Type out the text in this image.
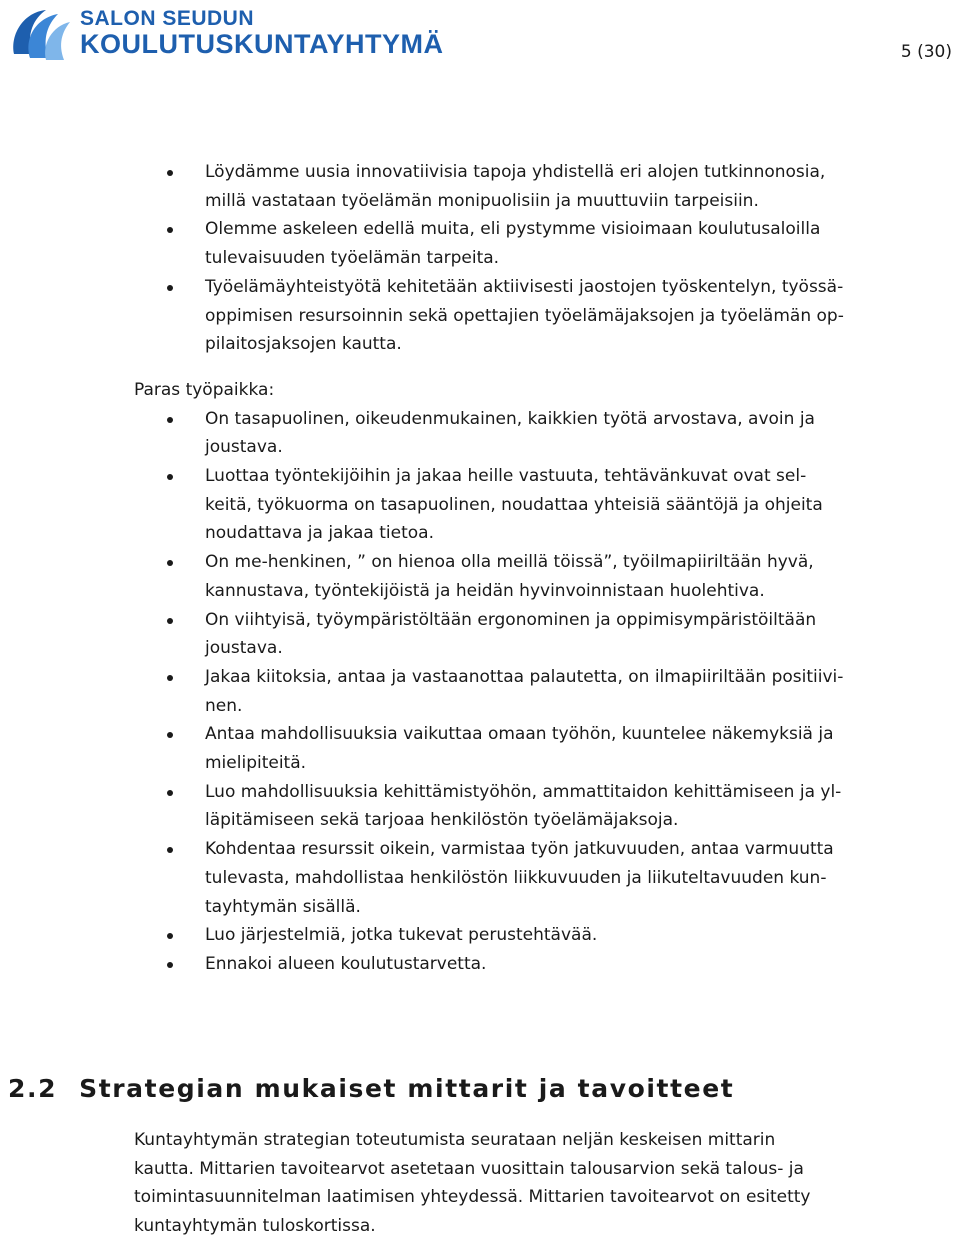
SALON SEUDUN
KOULUTUSKUNTAYHTYMÄ	5 (30)
Löydämme uusia innovatiivisia tapoja yhdistellä eri alojen tutkinnonosia,
millä vastataan työelämän monipuolisiin ja muuttuviin tarpeisiin.
Olemme askeleen edellä muita, eli pystymme visioimaan koulutusaloilla
tulevaisuuden työelämän tarpeita.
Työelämäyhteistyötä kehitetään aktiivisesti jaostojen työskentelyn, työssä-
oppimisen resursoinnin sekä opettajien työelämäjaksojen ja työelämän op-
pilaitosjaksojen kautta.
Paras työpaikka:
On tasapuolinen, oikeudenmukainen, kaikkien työtä arvostava, avoin ja
joustava.
Luottaa työntekijöihin ja jakaa heille vastuuta, tehtävänkuvat ovat sel-
keitä, työkuorma on tasapuolinen, noudattaa yhteisiä sääntöjä ja ohjeita
noudattava ja jakaa tietoa.
On me-henkinen, ” on hienoa olla meillä töissä”, työilmapiiriltään hyvä,
kannustava, työntekijöistä ja heidän hyvinvoinnistaan huolehtiva.
On viihtyisä, työympäristöltään ergonominen ja oppimisympäristöiltään
joustava.
Jakaa kiitoksia, antaa ja vastaanottaa palautetta, on ilmapiiriltään positiivi-
nen.
Antaa mahdollisuuksia vaikuttaa omaan työhön, kuuntelee näkemyksiä ja
mielipiteitä.
Luo mahdollisuuksia kehittämistyöhön, ammattitaidon kehittämiseen ja yl-
läpitämiseen sekä tarjoaa henkilöstön työelämäjaksoja.
Kohdentaa resurssit oikein, varmistaa työn jatkuvuuden, antaa varmuutta
tulevasta, mahdollistaa henkilöstön liikkuvuuden ja liikuteltavuuden kun-
tayhtymän sisällä.
Luo järjestelmiä, jotka tukevat perustehtävää.
Ennakoi alueen koulutustarvetta.
2.2 Strategian mukaiset mittarit ja tavoitteet
Kuntayhtymän strategian toteutumista seurataan neljän keskeisen mittarin
kautta. Mittarien tavoitearvot asetetaan vuosittain talousarvion sekä talous- ja
toimintasuunnitelman laatimisen yhteydessä. Mittarien tavoitearvot on esitetty
kuntayhtymän tuloskortissa.
